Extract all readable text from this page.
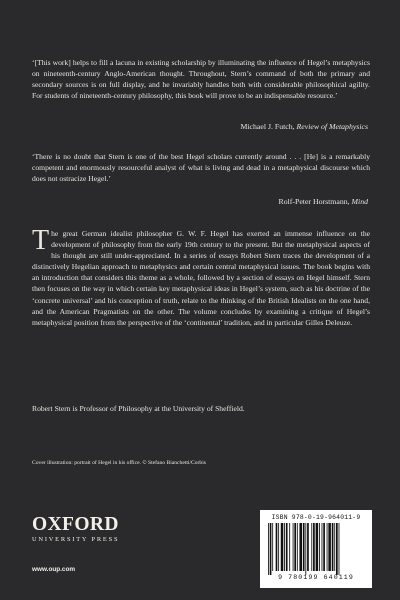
‘[This work] helps to fill a lacuna in existing scholarship by illuminating the influence of Hegel’s metaphysics on nineteenth-century Anglo-American thought. Throughout, Stern’s command of both the primary and secondary sources is on full display, and he invariably handles both with considerable philosophical agility. For students of nineteenth-century philosophy, this book will prove to be an indispensable resource.’

Michael J. Futch, Review of Metaphysics

‘There is no doubt that Stern is one of the best Hegel scholars currently around . . . [He] is a remarkably competent and enormously resourceful analyst of what is living and dead in a metaphysical discourse which does not ostracize Hegel.’

Rolf-Peter Horstmann, Mind
The great German idealist philosopher G. W. F. Hegel has exerted an immense influence on the development of philosophy from the early 19th century to the present. But the metaphysical aspects of his thought are still under-appreciated. In a series of essays Robert Stern traces the development of a distinctively Hegelian approach to metaphysics and certain central metaphysical issues. The book begins with an introduction that considers this theme as a whole, followed by a section of essays on Hegel himself. Stern then focuses on the way in which certain key metaphysical ideas in Hegel’s system, such as his doctrine of the ‘concrete universal’ and his conception of truth, relate to the thinking of the British Idealists on the one hand, and the American Pragmatists on the other. The volume concludes by examining a critique of Hegel’s metaphysical position from the perspective of the ‘continental’ tradition, and in particular Gilles Deleuze.
Robert Stern is Professor of Philosophy at the University of Sheffield.
Cover illustration: portrait of Hegel in his office. © Stefano Bianchetti/Corbis
OXFORD
UNIVERSITY PRESS
www.oup.com
ISBN 978-0-19-964011-9
9 780199 640119
